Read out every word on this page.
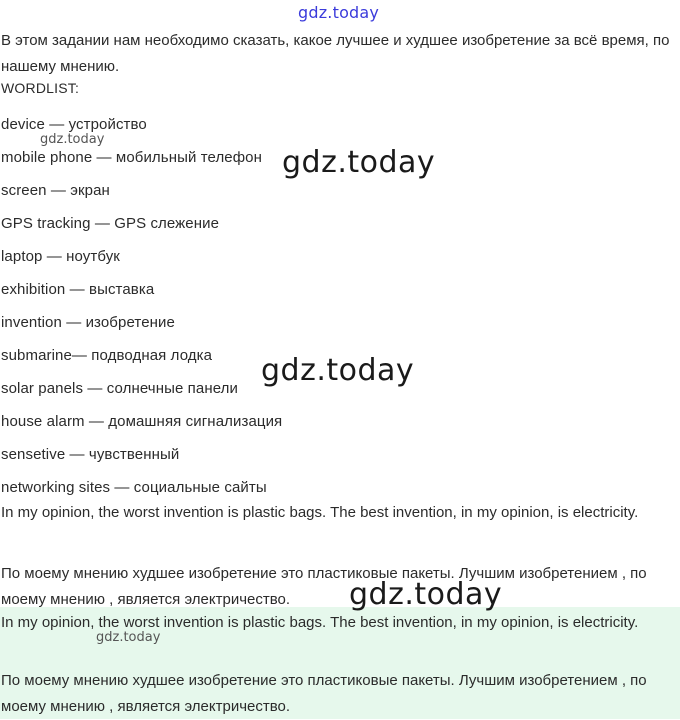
gdz.today
В этом задании нам необходимо сказать, какое лучшее и худшее изобретение за всё время, по нашему мнению.
WORDLIST:
device — устройство
mobile phone — мобильный телефон
screen — экран
GPS tracking — GPS слежение
laptop — ноутбук
exhibition — выставка
invention — изобретение
submarine— подводная лодка
solar panels — солнечные панели
house alarm — домашняя сигнализация
sensetive — чувственный
networking sites — социальные сайты
In my opinion, the worst invention is plastic bags. The best invention, in my opinion, is electricity.
По моему мнению худшее изобретение это пластиковые пакеты. Лучшим изобретением , по моему мнению , является электричество.
In my opinion, the worst invention is plastic bags. The best invention, in my opinion, is electricity.
По моему мнению худшее изобретение это пластиковые пакеты. Лучшим изобретением , по моему мнению , является электричество.
gdz.today
gdz.today
gdz.today
gdz.today
gdz.today
